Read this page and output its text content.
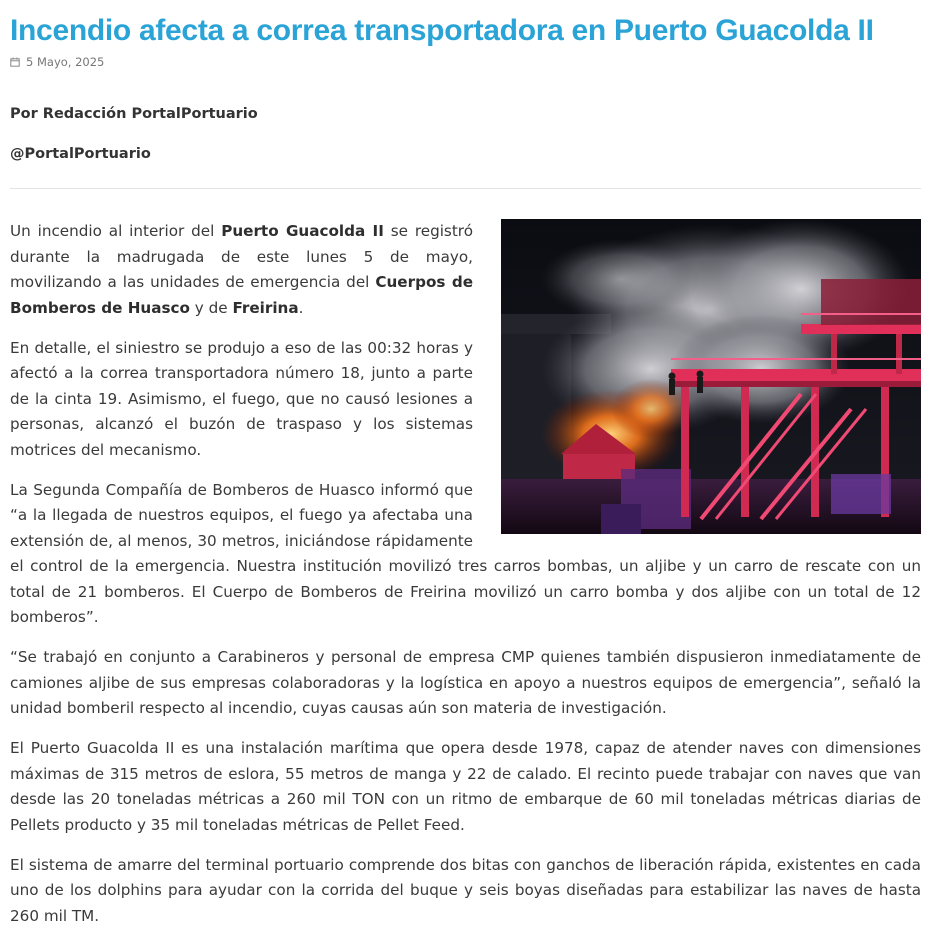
Incendio afecta a correa transportadora en Puerto Guacolda II
5 Mayo, 2025
Por Redacción PortalPortuario
@PortalPortuario

Un incendio al interior del Puerto Guacolda II se registró durante la madrugada de este lunes 5 de mayo, movilizando a las unidades de emergencia del Cuerpos de Bomberos de Huasco y de Freirina.

En detalle, el siniestro se produjo a eso de las 00:32 horas y afectó a la correa transportadora número 18, junto a parte de la cinta 19. Asimismo, el fuego, que no causó lesiones a personas, alcanzó el buzón de traspaso y los sistemas motrices del mecanismo.

La Segunda Compañía de Bomberos de Huasco informó que “a la llegada de nuestros equipos, el fuego ya afectaba una extensión de, al menos, 30 metros, iniciándose rápidamente el control de la emergencia. Nuestra institución movilizó tres carros bombas, un aljibe y un carro de rescate con un total de 21 bomberos. El Cuerpo de Bomberos de Freirina movilizó un carro bomba y dos aljibe con un total de 12 bomberos”.

“Se trabajó en conjunto a Carabineros y personal de empresa CMP quienes también dispusieron inmediatamente de camiones aljibe de sus empresas colaboradoras y la logística en apoyo a nuestros equipos de emergencia”, señaló la unidad bomberil respecto al incendio, cuyas causas aún son materia de investigación.

El Puerto Guacolda II es una instalación marítima que opera desde 1978, capaz de atender naves con dimensiones máximas de 315 metros de eslora, 55 metros de manga y 22 de calado. El recinto puede trabajar con naves que van desde las 20 toneladas métricas a 260 mil TON con un ritmo de embarque de 60 mil toneladas métricas diarias de Pellets producto y 35 mil toneladas métricas de Pellet Feed.

El sistema de amarre del terminal portuario comprende dos bitas con ganchos de liberación rápida, existentes en cada uno de los dolphins para ayudar con la corrida del buque y seis boyas diseñadas para estabilizar las naves de hasta 260 mil TM.
